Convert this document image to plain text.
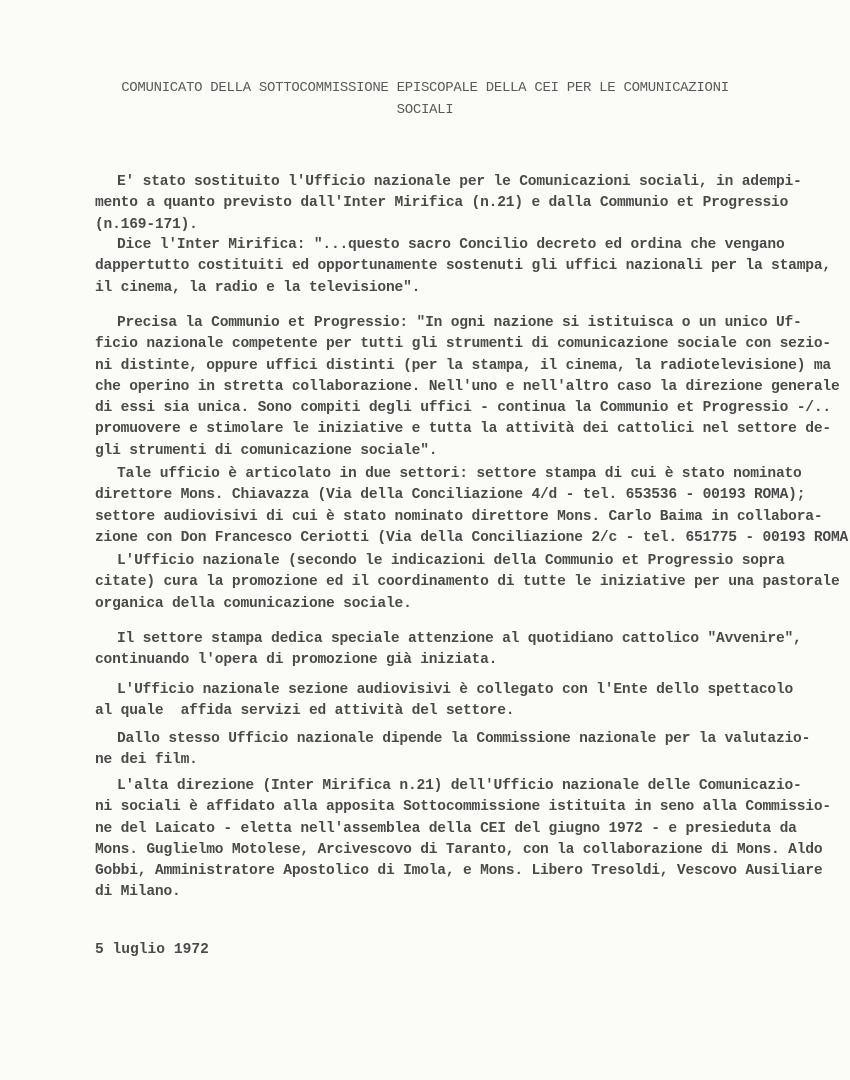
COMUNICATO DELLA SOTTOCOMMISSIONE EPISCOPALE DELLA CEI PER LE COMUNICAZIONI
SOCIALI
E' stato sostituito l'Ufficio nazionale per le Comunicazioni sociali, in adempi-
mento a quanto previsto dall'Inter Mirifica (n.21) e dalla Communio et Progressio
(n.169-171).
Dice l'Inter Mirifica: "...questo sacro Concilio decreto ed ordina che vengano
dappertutto costituiti ed opportunamente sostenuti gli uffici nazionali per la stampa,
il cinema, la radio e la televisione".
Precisa la Communio et Progressio: "In ogni nazione si istituisca o un unico Uf-
ficio nazionale competente per tutti gli strumenti di comunicazione sociale con sezio-
ni distinte, oppure uffici distinti (per la stampa, il cinema, la radiotelevisione) ma
che operino in stretta collaborazione. Nell'uno e nell'altro caso la direzione generale
di essi sia unica. Sono compiti degli uffici - continua la Communio et Progressio -/..
promuovere e stimolare le iniziative e tutta la attività dei cattolici nel settore de-
gli strumenti di comunicazione sociale".
Tale ufficio è articolato in due settori: settore stampa di cui è stato nominato
direttore Mons. Chiavazza (Via della Conciliazione 4/d - tel. 653536 - 00193 ROMA);
settore audiovisivi di cui è stato nominato direttore Mons. Carlo Baima in collabora-
zione con Don Francesco Ceriotti (Via della Conciliazione 2/c - tel. 651775 - 00193 ROMA
L'Ufficio nazionale (secondo le indicazioni della Communio et Progressio sopra
citate) cura la promozione ed il coordinamento di tutte le iniziative per una pastorale
organica della comunicazione sociale.
Il settore stampa dedica speciale attenzione al quotidiano cattolico "Avvenire",
continuando l'opera di promozione già iniziata.
L'Ufficio nazionale sezione audiovisivi è collegato con l'Ente dello spettacolo
al quale  affida servizi ed attività del settore.
Dallo stesso Ufficio nazionale dipende la Commissione nazionale per la valutazio-
ne dei film.
L'alta direzione (Inter Mirifica n.21) dell'Ufficio nazionale delle Comunicazio-
ni sociali è affidato alla apposita Sottocommissione istituita in seno alla Commissio-
ne del Laicato - eletta nell'assemblea della CEI del giugno 1972 - e presieduta da
Mons. Guglielmo Motolese, Arcivescovo di Taranto, con la collaborazione di Mons. Aldo
Gobbi, Amministratore Apostolico di Imola, e Mons. Libero Tresoldi, Vescovo Ausiliare
di Milano.
5 luglio 1972
